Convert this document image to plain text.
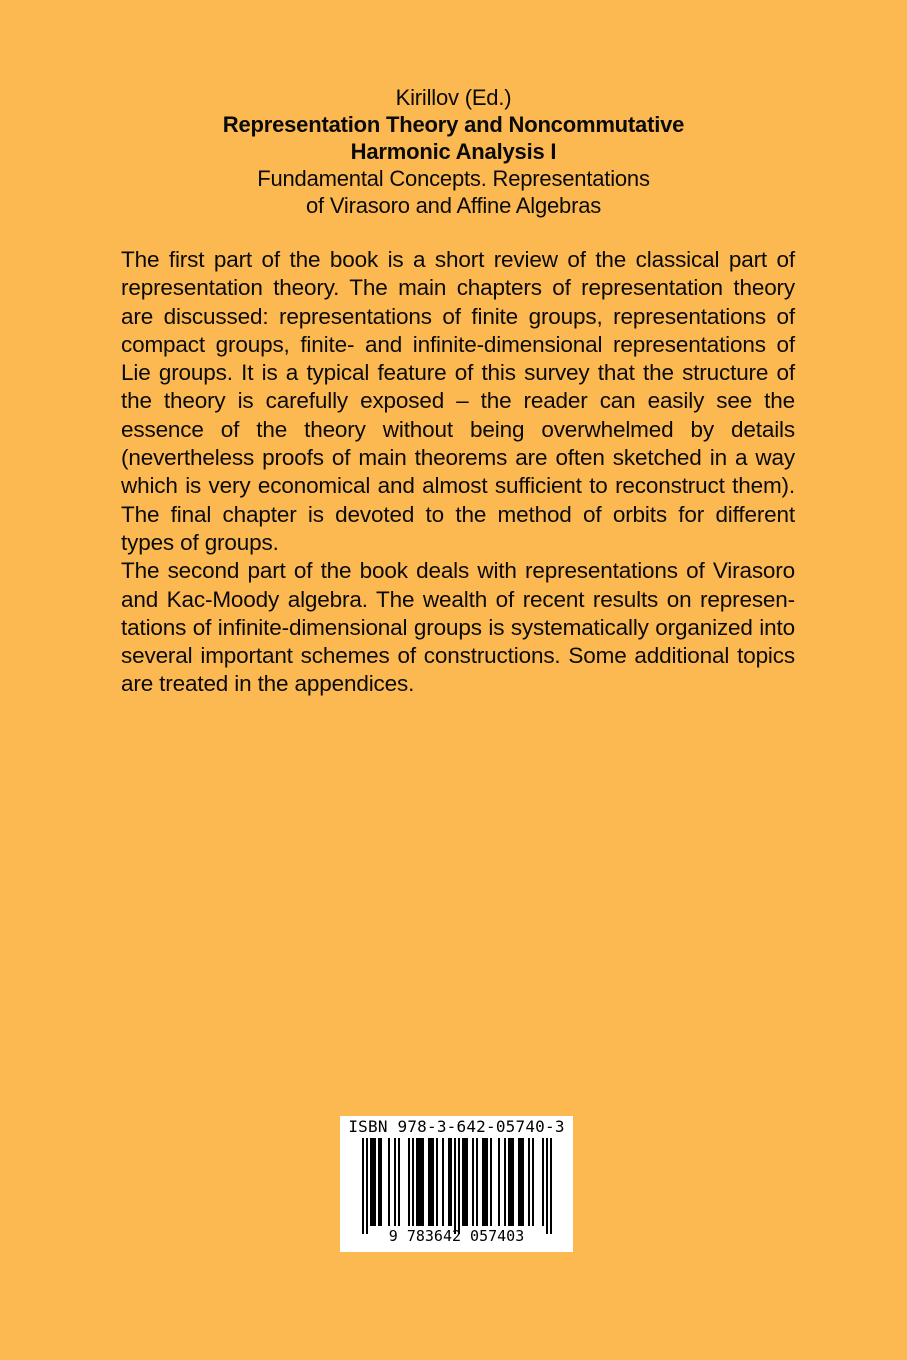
Kirillov (Ed.)
Representation Theory and Noncommutative
Harmonic Analysis I
Fundamental Concepts. Representations
of Virasoro and Affine Algebras

The first part of the book is a short review of the classical part of representation theory. The main chapters of representation theory are discussed: representations of finite groups, representations of compact groups, finite- and infinite-dimensional representations of Lie groups. It is a typical feature of this survey that the structure of the theory is carefully exposed – the reader can easily see the essence of the theory without being overwhelmed by details (nevertheless proofs of main theorems are often sketched in a way which is very economical and almost sufficient to reconstruct them). The final chapter is devoted to the method of orbits for different types of groups.

The second part of the book deals with representations of Virasoro and Kac-Moody algebra. The wealth of recent results on represen-tations of infinite-dimensional groups is systematically organized into several important schemes of constructions. Some additional topics are treated in the appendices.

ISBN 978-3-642-05740-3
9 783642 057403
